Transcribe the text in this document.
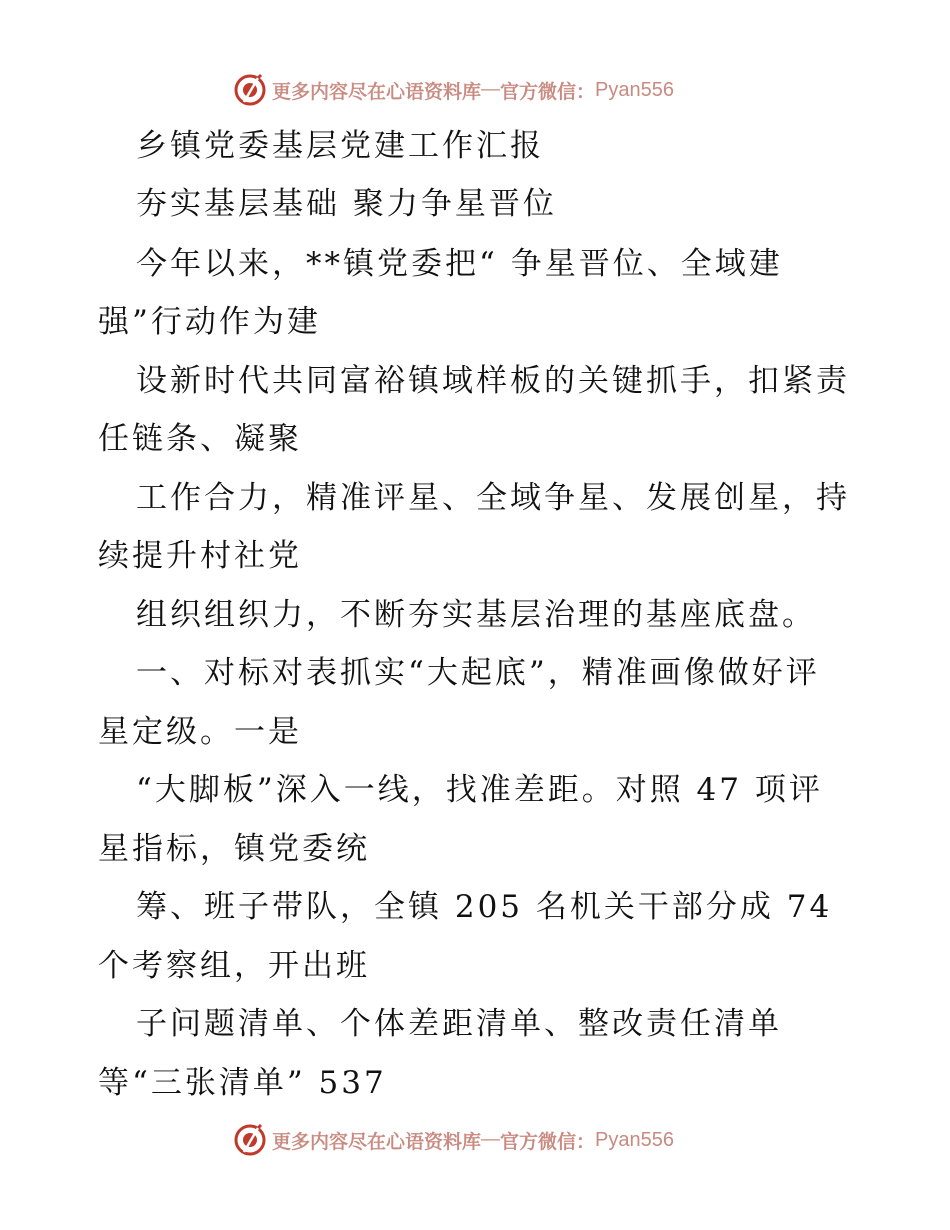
更多内容尽在心语资料库 — 官方微信： Pyan556
乡镇党委基层党建工作汇报
夯实基层基础 聚力争星晋位
今年以来，**镇党委把“ 争星晋位、全域建
强”行动作为建
设新时代共同富裕镇域样板的关键抓手，扣紧责
任链条、凝聚
工作合力，精准评星、全域争星、发展创星，持
续提升村社党
组织组织力，不断夯实基层治理的基座底盘。
一、对标对表抓实“大起底”，精准画像做好评
星定级。一是
“大脚板”深入一线，找准差距。对照 47 项评
星指标，镇党委统
筹、班子带队，全镇 205 名机关干部分成 74
个考察组，开出班
子问题清单、个体差距清单、整改责任清单
等“三张清单” 537
更多内容尽在心语资料库 — 官方微信： Pyan556
